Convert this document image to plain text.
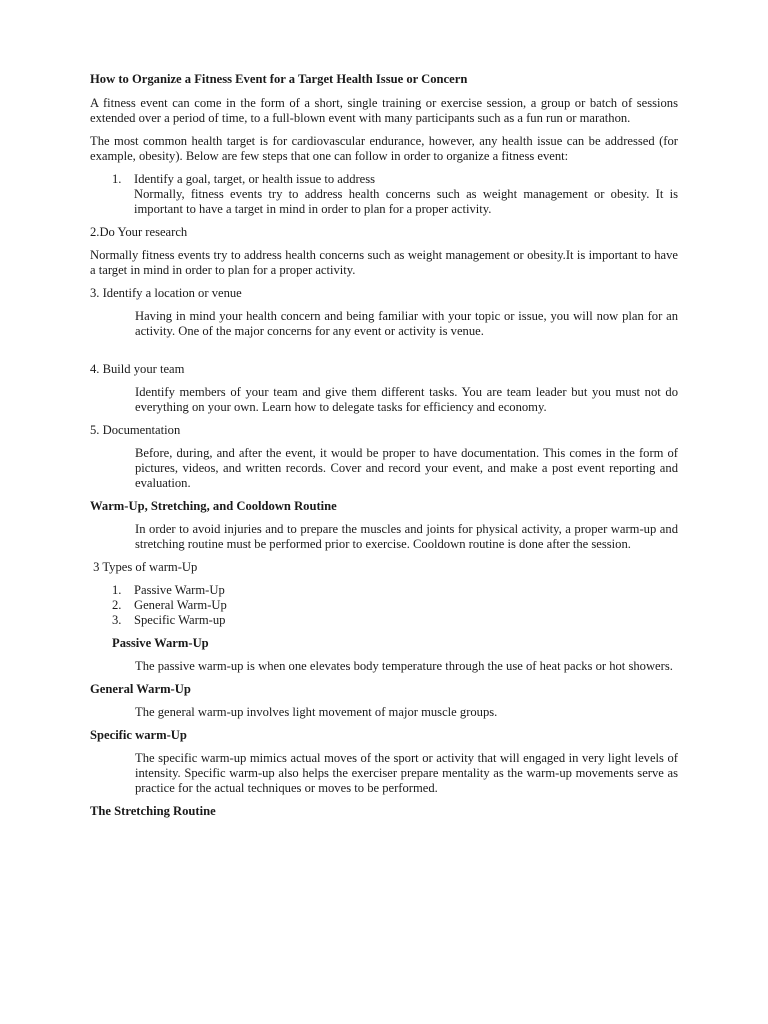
How to Organize a Fitness Event for a Target Health Issue or Concern

A fitness event can come in the form of a short, single training or exercise session, a group or batch of sessions extended over a period of time, to a full-blown event with many participants such as a fun run or marathon.

The most common health target is for cardiovascular endurance, however, any health issue can be addressed (for example, obesity). Below are few steps that one can follow in order to organize a fitness event:

1. Identify a goal, target, or health issue to address

Normally, fitness events try to address health concerns such as weight management or obesity. It is important to have a target in mind in order to plan for a proper activity.

2.Do Your research

Normally fitness events try to address health concerns such as weight management or obesity.It is important to have a target in mind in order to plan for a proper activity.

3. Identify a location or venue

Having in mind your health concern and being familiar with your topic or issue, you will now plan for an activity. One of the major concerns for any event or activity is venue.

4. Build your team

Identify members of your team and give them different tasks. You are team leader but you must not do everything on your own. Learn how to delegate tasks for efficiency and economy.

5. Documentation

Before, during, and after the event, it would be proper to have documentation. This comes in the form of pictures, videos, and written records. Cover and record your event, and make a post event reporting and evaluation.

Warm-Up, Stretching, and Cooldown Routine

In order to avoid injuries and to prepare the muscles and joints for physical activity, a proper warm-up and stretching routine must be performed prior to exercise. Cooldown routine is done after the session.

3 Types of warm-Up

1. Passive Warm-Up
2. General Warm-Up
3. Specific Warm-up

Passive Warm-Up

The passive warm-up is when one elevates body temperature through the use of heat packs or hot showers.

General Warm-Up

The general warm-up involves light movement of major muscle groups.

Specific warm-Up

The specific warm-up mimics actual moves of the sport or activity that will engaged in very light levels of intensity. Specific warm-up also helps the exerciser prepare mentality as the warm-up movements serve as practice for the actual techniques or moves to be performed.

The Stretching Routine
